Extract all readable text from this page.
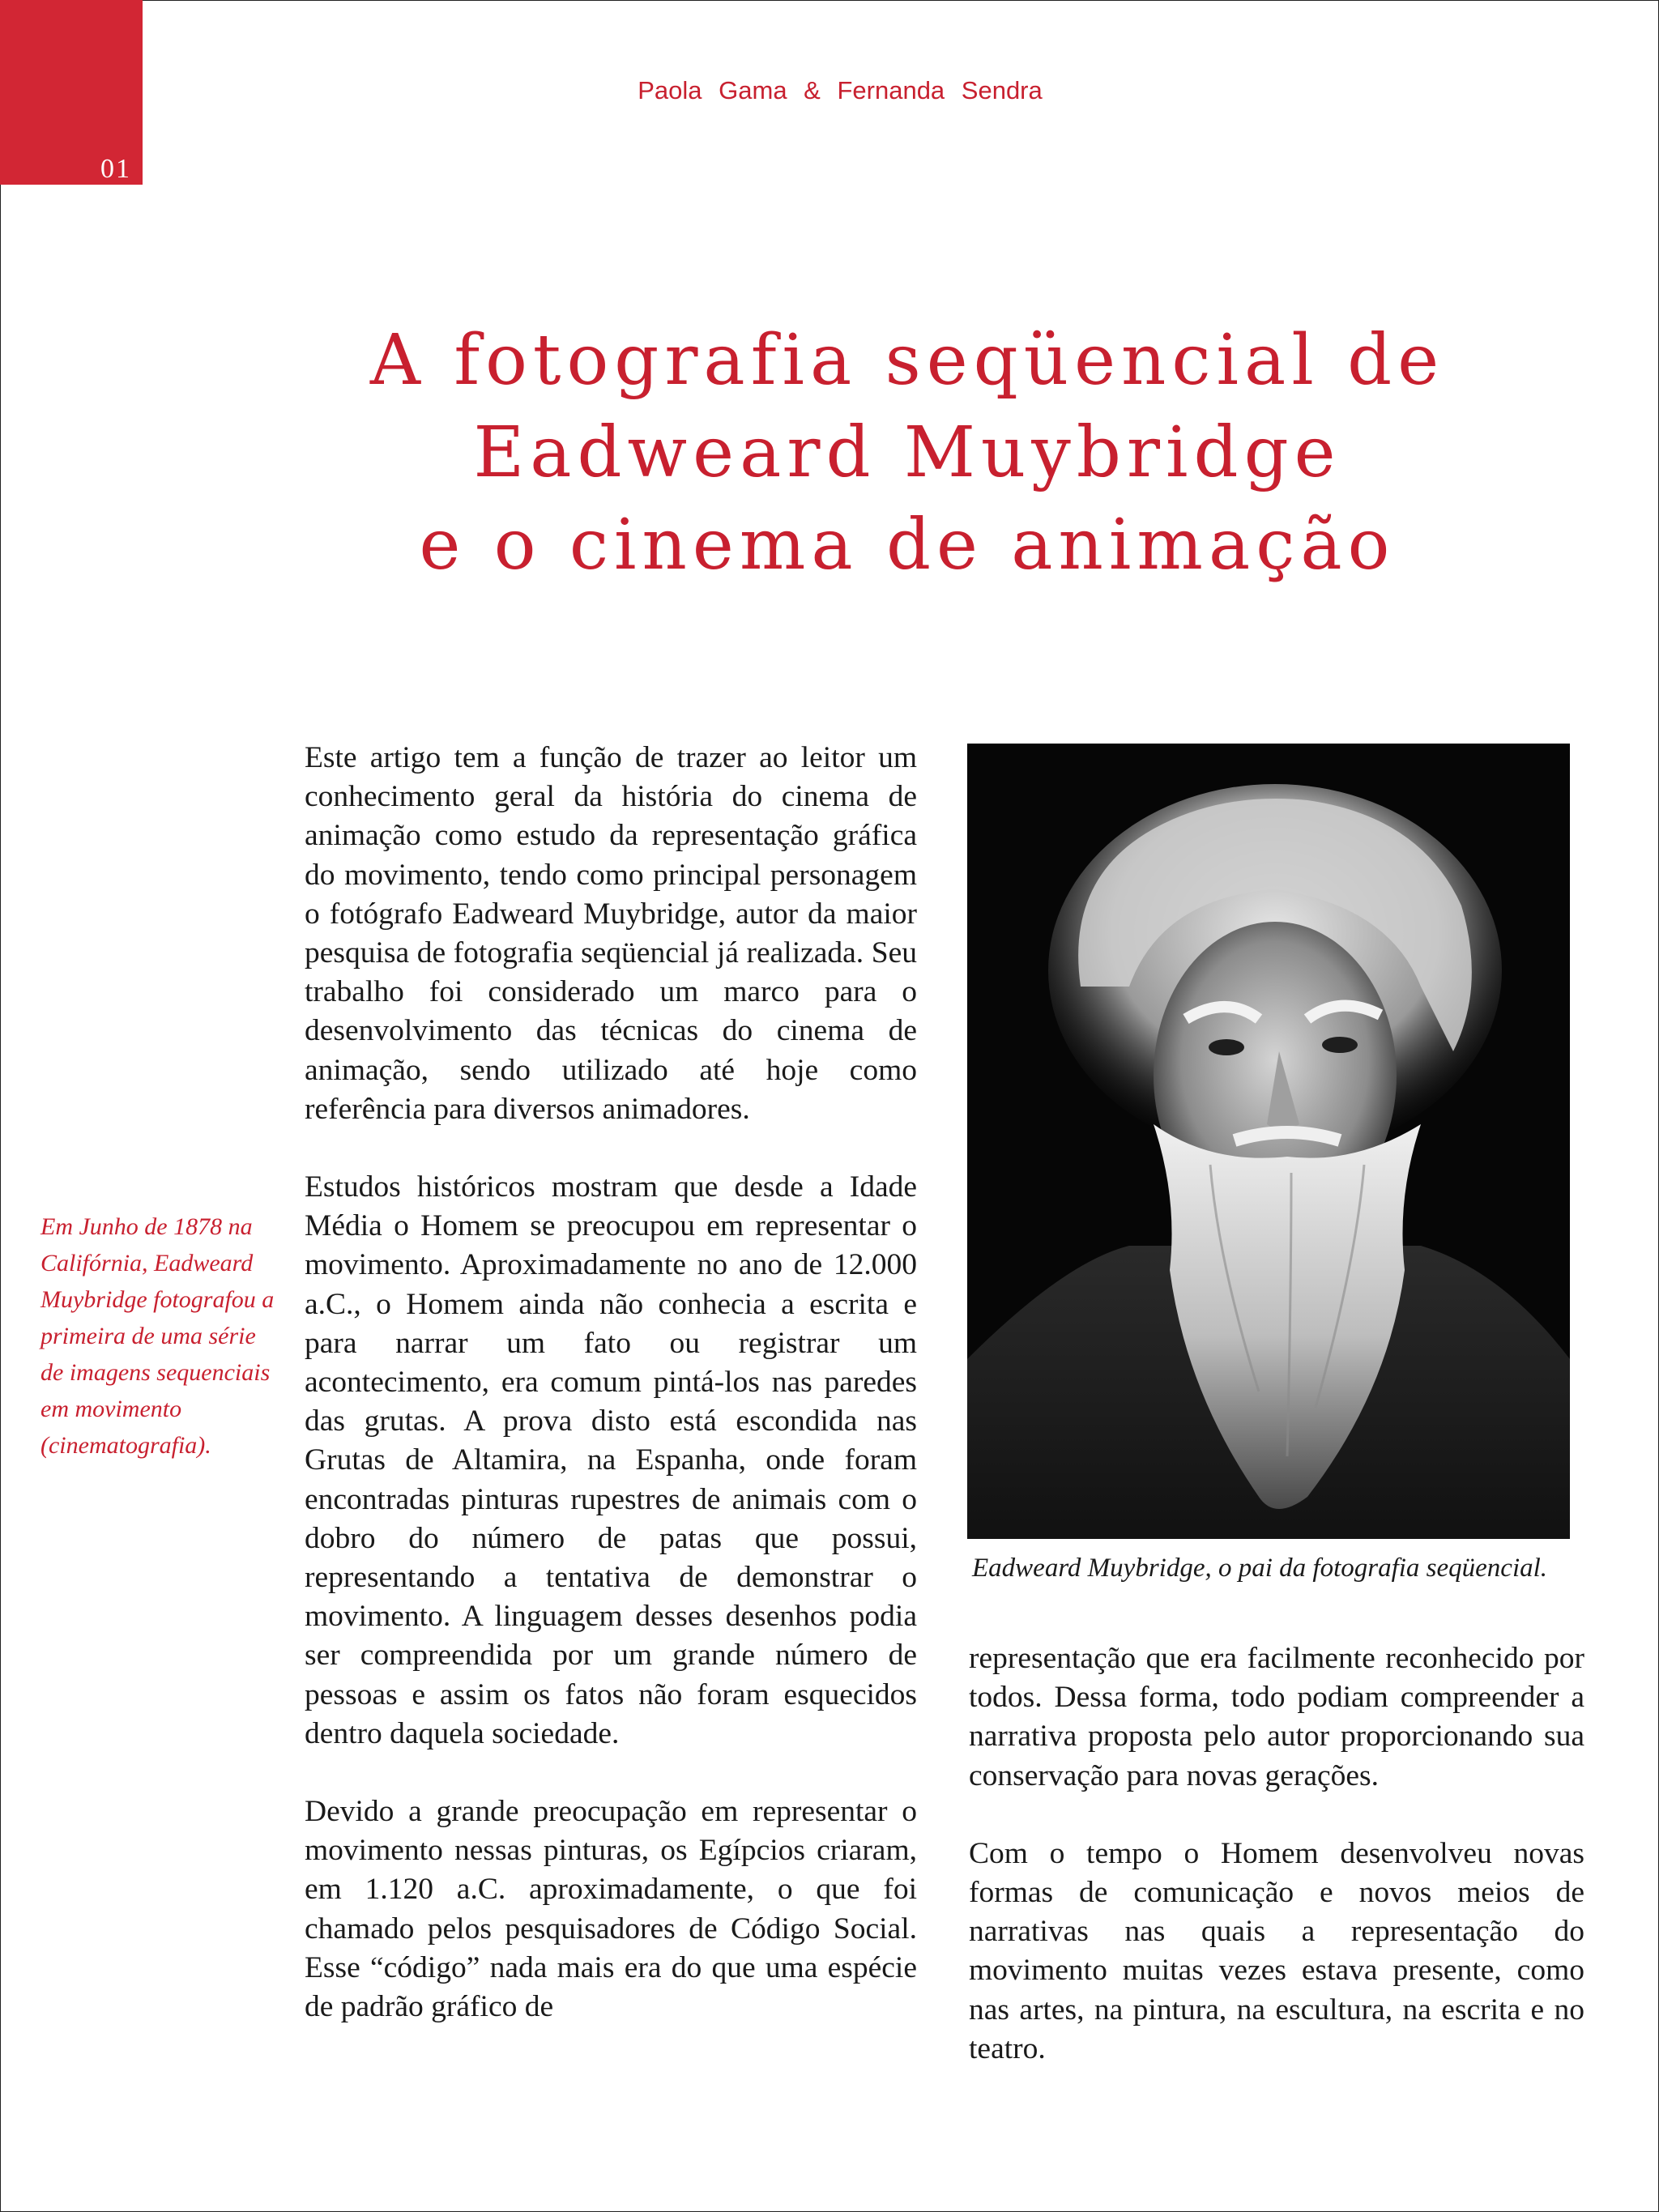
01
Paola Gama & Fernanda Sendra
A fotografia seqüencial de
Eadweard Muybridge
e o cinema de animação
Em Junho de 1878 na Califórnia, Eadweard Muybridge fotografou a primeira de uma série de imagens sequenciais em movimento (cinematografia).

Este artigo tem a função de trazer ao leitor um conhecimento geral da história do cinema de animação como estudo da representação gráfica do movimento, tendo como principal personagem o fotógrafo Eadweard Muybridge, autor da maior pesquisa de fotografia seqüencial já realizada. Seu trabalho foi considerado um marco para o desenvolvimento das técnicas do cinema de animação, sendo utilizado até hoje como referência para diversos animadores.

Estudos históricos mostram que desde a Idade Média o Homem se preocupou em representar o movimento. Aproximadamente no ano de 12.000 a.C., o Homem ainda não conhecia a escrita e para narrar um fato ou registrar um acontecimento, era comum pintá-los nas paredes das grutas. A prova disto está escondida nas Grutas de Altamira, na Espanha, onde foram encontradas pinturas rupestres de animais com o dobro do número de patas que possui, representando a tentativa de demonstrar o movimento. A linguagem desses desenhos podia ser compreendida por um grande número de pessoas e assim os fatos não foram esquecidos dentro daquela sociedade.

Devido a grande preocupação em representar o movimento nessas pinturas, os Egípcios criaram, em 1.120 a.C. aproximadamente, o que foi chamado pelos pesquisadores de Código Social. Esse “código” nada mais era do que uma espécie de padrão gráfico de

Eadweard Muybridge, o pai da fotografia seqüencial.

representação que era facilmente reconhecido por todos. Dessa forma, todo podiam compreender a narrativa proposta pelo autor proporcionando sua conservação para novas gerações.

Com o tempo o Homem desenvolveu novas formas de comunicação e novos meios de narrativas nas quais a representação do movimento muitas vezes estava presente, como nas artes, na pintura, na escultura, na escrita e no teatro.
